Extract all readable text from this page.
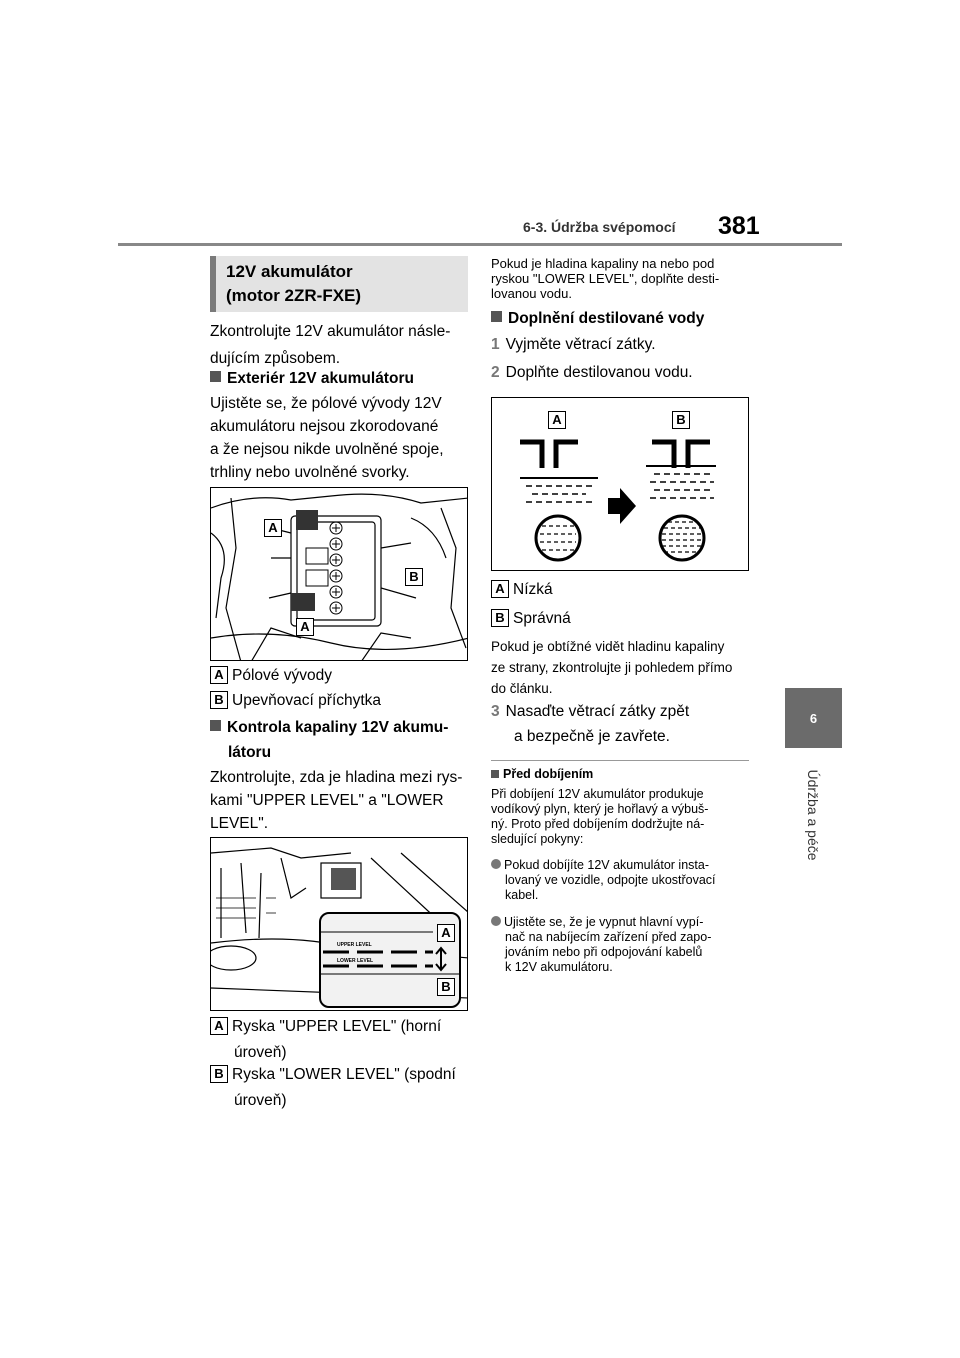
6-3. Údržba svépomocí 381
6
Údržba a péče
12V akumulátor
(motor 2ZR-FXE)
Zkontrolujte 12V akumulátor násle-
dujícím způsobem.
Exteriér 12V akumulátoru
Ujistěte se, že pólové vývody 12V
akumulátoru nejsou zkorodované
a že nejsou nikde uvolněné spoje,
trhliny nebo uvolněné svorky.
A
B
A
A Pólové vývody
B Upevňovací příchytka
Kontrola kapaliny 12V akumu-
látoru
Zkontrolujte, zda je hladina mezi rys-
kami "UPPER LEVEL" a "LOWER
LEVEL".
UPPER LEVEL
LOWER LEVEL
A
B
A Ryska "UPPER LEVEL" (horní
úroveň)
B Ryska "LOWER LEVEL" (spodní
úroveň)
Pokud je hladina kapaliny na nebo pod
ryskou "LOWER LEVEL", doplňte desti-
lovanou vodu.
Doplnění destilované vody
1 Vyjměte větrací zátky.
2 Doplňte destilovanou vodu.
A	B
A Nízká
B Správná
Pokud je obtížné vidět hladinu kapaliny
ze strany, zkontrolujte ji pohledem přímo
do článku.
3 Nasaďte větrací zátky zpět
a bezpečně je zavřete.
Před dobíjením
Při dobíjení 12V akumulátor produkuje
vodíkový plyn, který je hořlavý a výbuš-
ný. Proto před dobíjením dodržujte ná-
sledující pokyny:
Pokud dobíjíte 12V akumulátor insta-
lovaný ve vozidle, odpojte ukostřovací
kabel.
Ujistěte se, že je vypnut hlavní vypí-
nač na nabíjecím zařízení před zapo-
jováním nebo při odpojování kabelů
k 12V akumulátoru.
